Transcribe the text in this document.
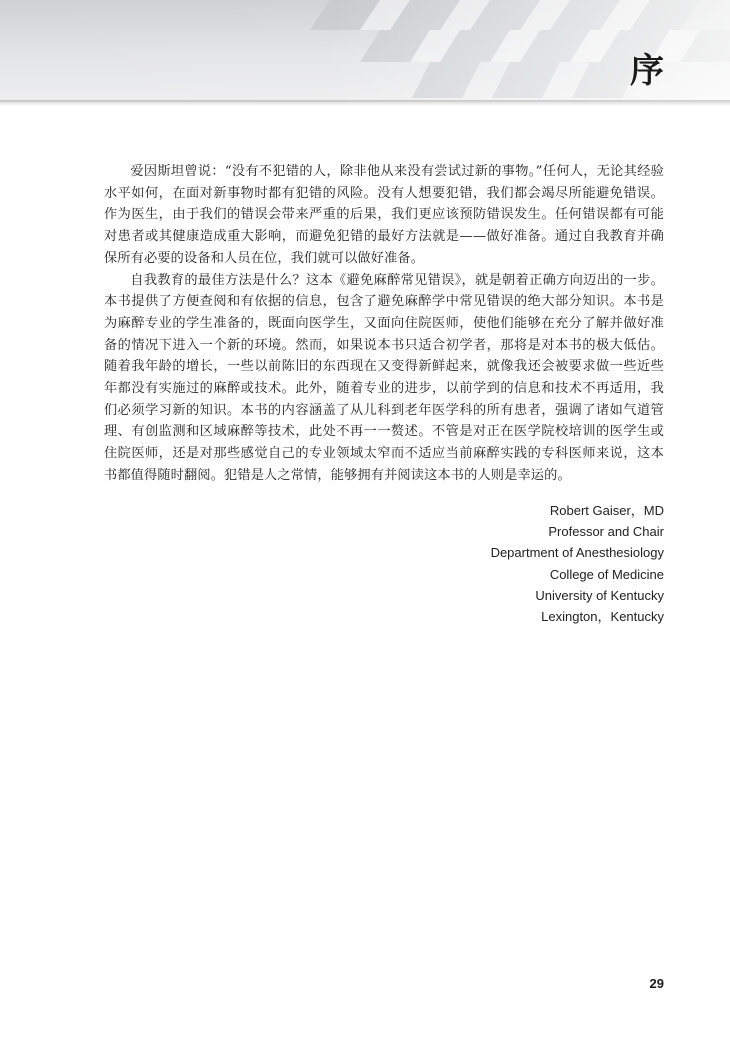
序

爱因斯坦曾说：“没有不犯错的人，除非他从来没有尝试过新的事物。”任何人，无论其经验水平如何，在面对新事物时都有犯错的风险。没有人想要犯错，我们都会竭尽所能避免错误。作为医生，由于我们的错误会带来严重的后果，我们更应该预防错误发生。任何错误都有可能对患者或其健康造成重大影响，而避免犯错的最好方法就是——做好准备。通过自我教育并确保所有必要的设备和人员在位，我们就可以做好准备。

自我教育的最佳方法是什么？这本《避免麻醉常见错误》，就是朝着正确方向迈出的一步。本书提供了方便查阅和有依据的信息，包含了避免麻醉学中常见错误的绝大部分知识。本书是为麻醉专业的学生准备的，既面向医学生，又面向住院医师，使他们能够在充分了解并做好准备的情况下进入一个新的环境。然而，如果说本书只适合初学者，那将是对本书的极大低估。随着我年龄的增长，一些以前陈旧的东西现在又变得新鲜起来，就像我还会被要求做一些近些年都没有实施过的麻醉或技术。此外，随着专业的进步，以前学到的信息和技术不再适用，我们必须学习新的知识。本书的内容涵盖了从儿科到老年医学科的所有患者，强调了诸如气道管理、有创监测和区域麻醉等技术，此处不再一一赘述。不管是对正在医学院校培训的医学生或住院医师，还是对那些感觉自己的专业领域太窄而不适应当前麻醉实践的专科医师来说，这本书都值得随时翻阅。犯错是人之常情，能够拥有并阅读这本书的人则是幸运的。

Robert Gaiser，MD
Professor and Chair
Department of Anesthesiology
College of Medicine
University of Kentucky
Lexington，Kentucky
29
